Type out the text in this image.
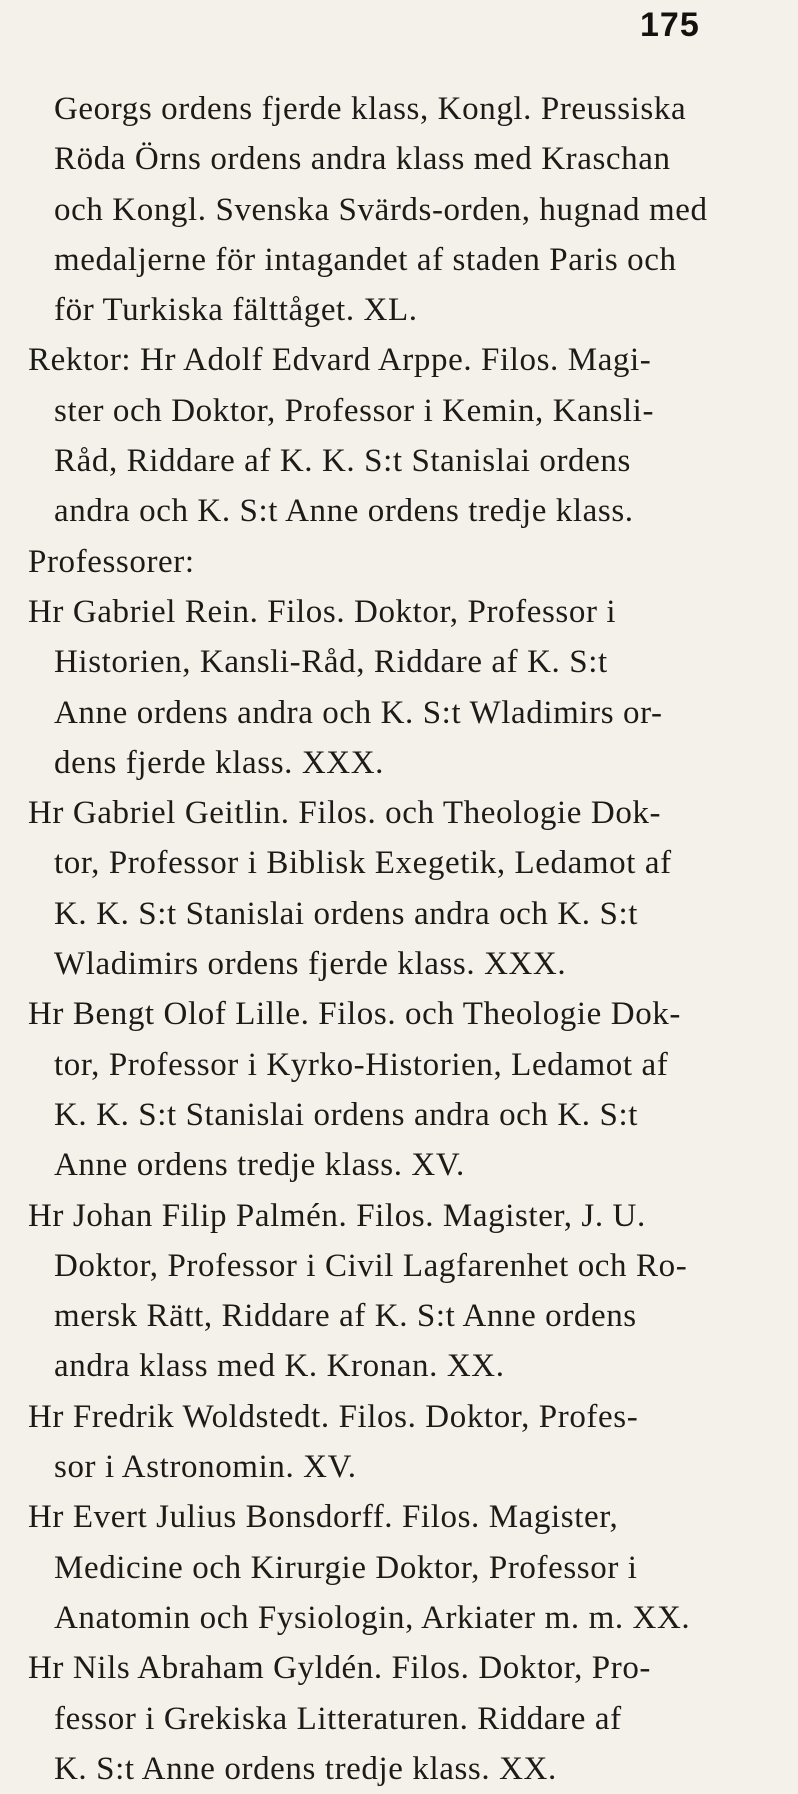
175
Georgs ordens fjerde klass, Kongl. Preussiska
Röda Örns ordens andra klass med Kraschan
och Kongl. Svenska Svärds-orden, hugnad med
medaljerne för intagandet af staden Paris och
för Turkiska fälttåget. XL.
Rektor: Hr Adolf Edvard Arppe. Filos. Magi-
ster och Doktor, Professor i Kemin, Kansli-
Råd, Riddare af K. K. S:t Stanislai ordens
andra och K. S:t Anne ordens tredje klass.
Professorer:
Hr Gabriel Rein. Filos. Doktor, Professor i
Historien, Kansli-Råd, Riddare af K. S:t
Anne ordens andra och K. S:t Wladimirs or-
dens fjerde klass. XXX.
Hr Gabriel Geitlin. Filos. och Theologie Dok-
tor, Professor i Biblisk Exegetik, Ledamot af
K. K. S:t Stanislai ordens andra och K. S:t
Wladimirs ordens fjerde klass. XXX.
Hr Bengt Olof Lille. Filos. och Theologie Dok-
tor, Professor i Kyrko-Historien, Ledamot af
K. K. S:t Stanislai ordens andra och K. S:t
Anne ordens tredje klass. XV.
Hr Johan Filip Palmén. Filos. Magister, J. U.
Doktor, Professor i Civil Lagfarenhet och Ro-
mersk Rätt, Riddare af K. S:t Anne ordens
andra klass med K. Kronan. XX.
Hr Fredrik Woldstedt. Filos. Doktor, Profes-
sor i Astronomin. XV.
Hr Evert Julius Bonsdorff. Filos. Magister,
Medicine och Kirurgie Doktor, Professor i
Anatomin och Fysiologin, Arkiater m. m. XX.
Hr Nils Abraham Gyldén. Filos. Doktor, Pro-
fessor i Grekiska Litteraturen. Riddare af
K. S:t Anne ordens tredje klass. XX.
